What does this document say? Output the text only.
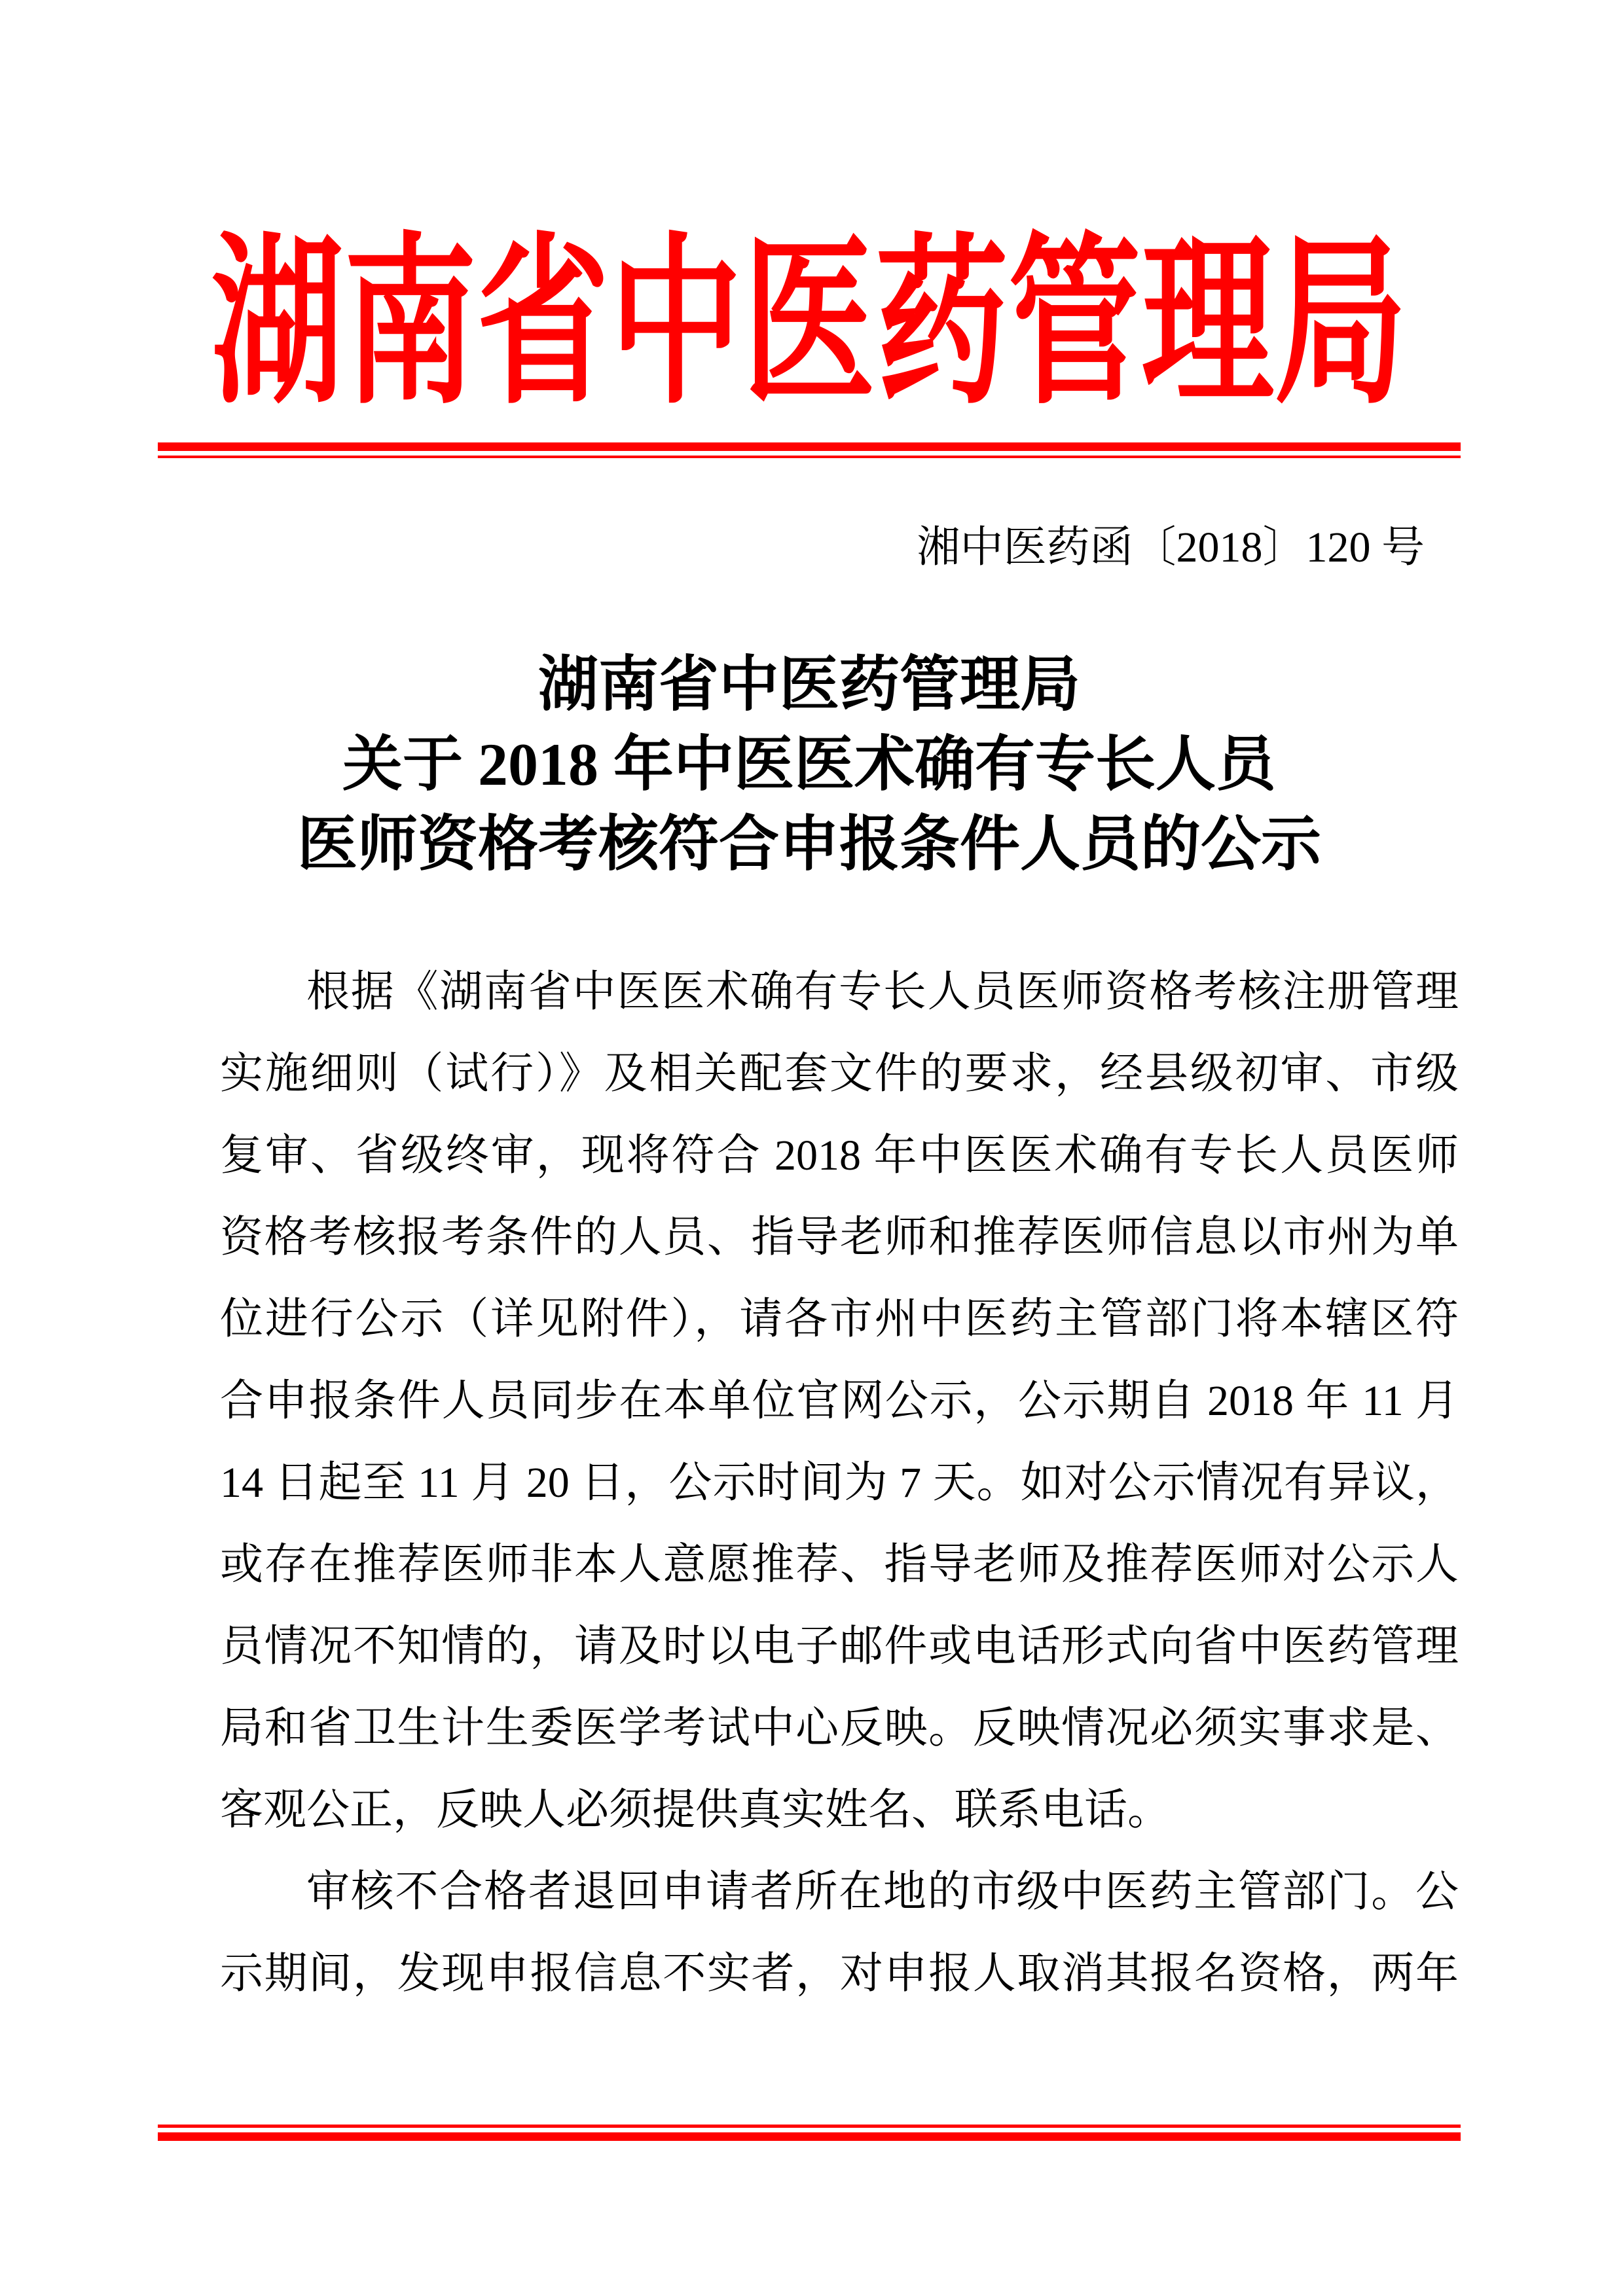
湖南省中医药管理局
湘中医药函〔2018〕120 号
湖南省中医药管理局
关于 2018 年中医医术确有专长人员
医师资格考核符合申报条件人员的公示
根据《湖南省中医医术确有专长人员医师资格考核注册管理
实施细则（试行）》及相关配套文件的要求，经县级初审、市级
复审、省级终审，现将符合 2018 年中医医术确有专长人员医师
资格考核报考条件的人员、指导老师和推荐医师信息以市州为单
位进行公示（详见附件），请各市州中医药主管部门将本辖区符
合申报条件人员同步在本单位官网公示，公示期自 2018 年 11 月
14 日起至 11 月 20 日，公示时间为 7 天。如对公示情况有异议，
或存在推荐医师非本人意愿推荐、指导老师及推荐医师对公示人
员情况不知情的，请及时以电子邮件或电话形式向省中医药管理
局和省卫生计生委医学考试中心反映。反映情况必须实事求是、
客观公正，反映人必须提供真实姓名、联系电话。
审核不合格者退回申请者所在地的市级中医药主管部门。公
示期间，发现申报信息不实者，对申报人取消其报名资格，两年
